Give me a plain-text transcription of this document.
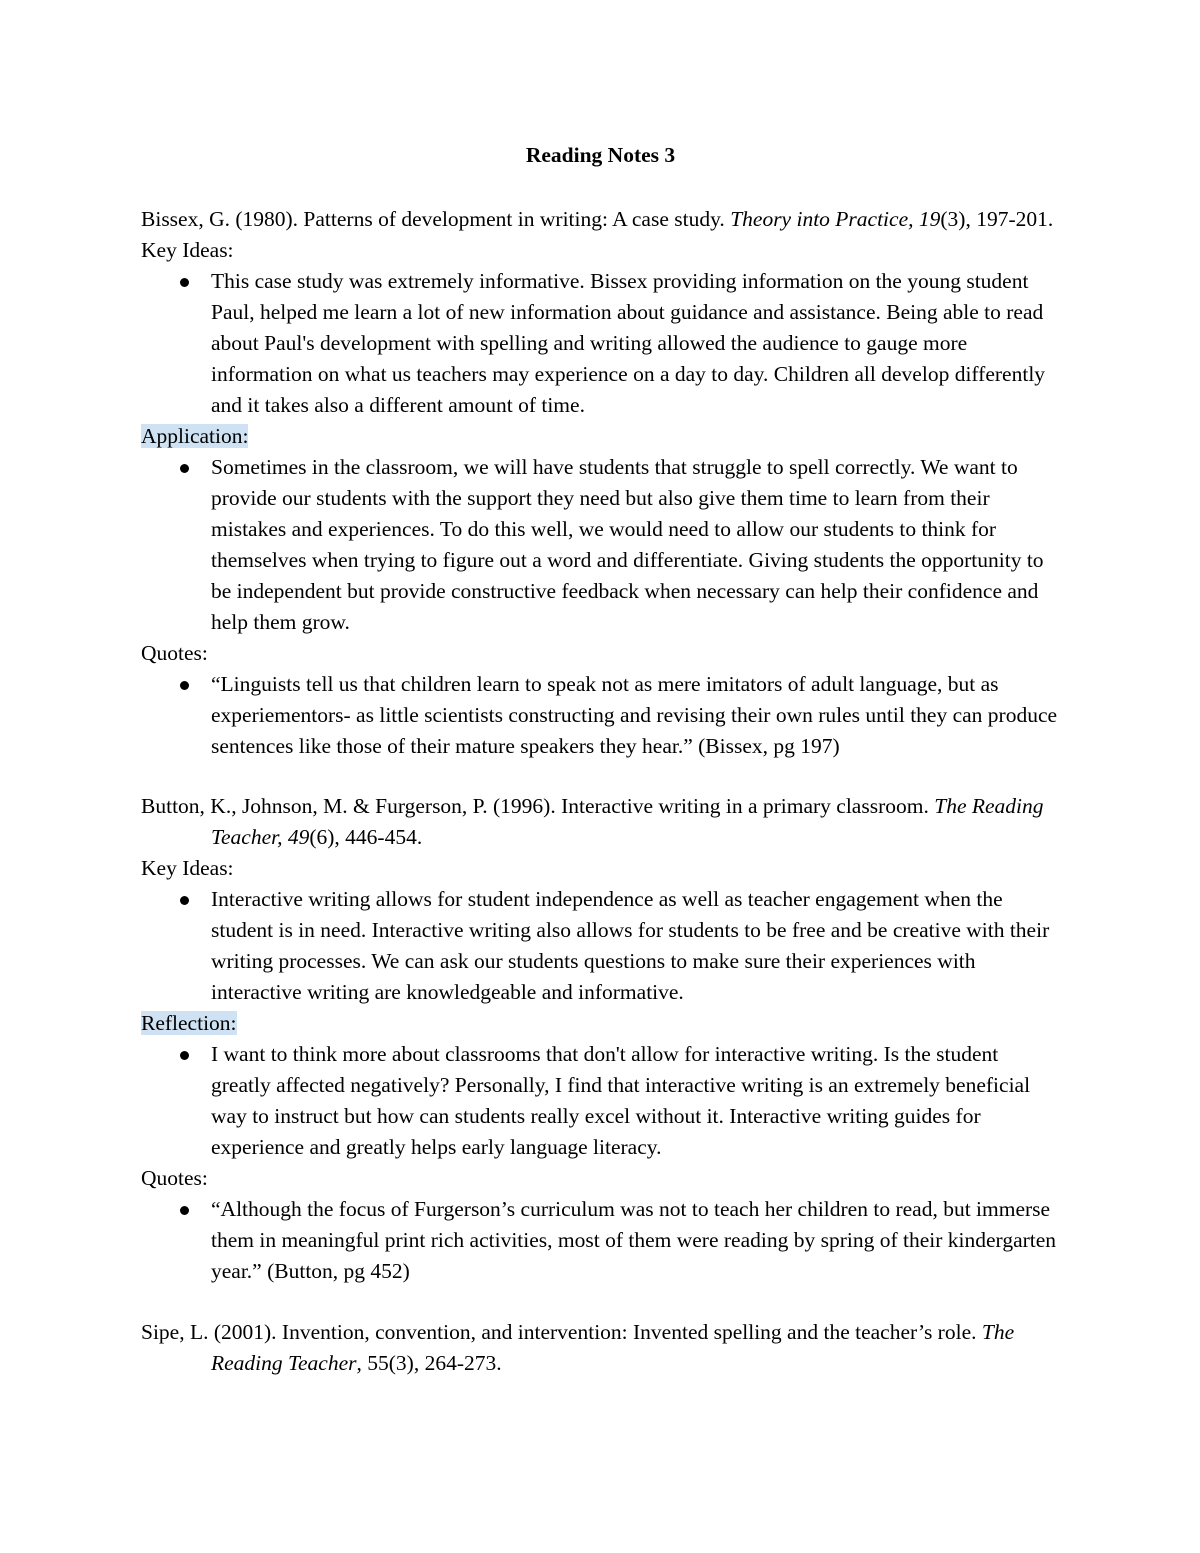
Reading Notes 3

Bissex, G. (1980). Patterns of development in writing: A case study. Theory into Practice, 19(3), 197-201.

Key Ideas:

This case study was extremely informative. Bissex providing information on the young student Paul, helped me learn a lot of new information about guidance and assistance. Being able to read about Paul's development with spelling and writing allowed the audience to gauge more information on what us teachers may experience on a day to day. Children all develop differently and it takes also a different amount of time.

Application:

Sometimes in the classroom, we will have students that struggle to spell correctly. We want to provide our students with the support they need but also give them time to learn from their mistakes and experiences. To do this well, we would need to allow our students to think for themselves when trying to figure out a word and differentiate. Giving students the opportunity to be independent but provide constructive feedback when necessary can help their confidence and help them grow.

Quotes:

“Linguists tell us that children learn to speak not as mere imitators of adult language, but as experiementors- as little scientists constructing and revising their own rules until they can produce sentences like those of their mature speakers they hear.” (Bissex, pg 197)

Button, K., Johnson, M. & Furgerson, P. (1996). Interactive writing in a primary classroom. The Reading Teacher, 49(6), 446-454.

Key Ideas:

Interactive writing allows for student independence as well as teacher engagement when the student is in need. Interactive writing also allows for students to be free and be creative with their writing processes. We can ask our students questions to make sure their experiences with interactive writing are knowledgeable and informative.

Reflection:

I want to think more about classrooms that don't allow for interactive writing. Is the student greatly affected negatively? Personally, I find that interactive writing is an extremely beneficial way to instruct but how can students really excel without it. Interactive writing guides for experience and greatly helps early language literacy.

Quotes:

“Although the focus of Furgerson’s curriculum was not to teach her children to read, but immerse them in meaningful print rich activities, most of them were reading by spring of their kindergarten year.” (Button, pg 452)

Sipe, L. (2001). Invention, convention, and intervention: Invented spelling and the teacher’s role. The Reading Teacher, 55(3), 264-273.
